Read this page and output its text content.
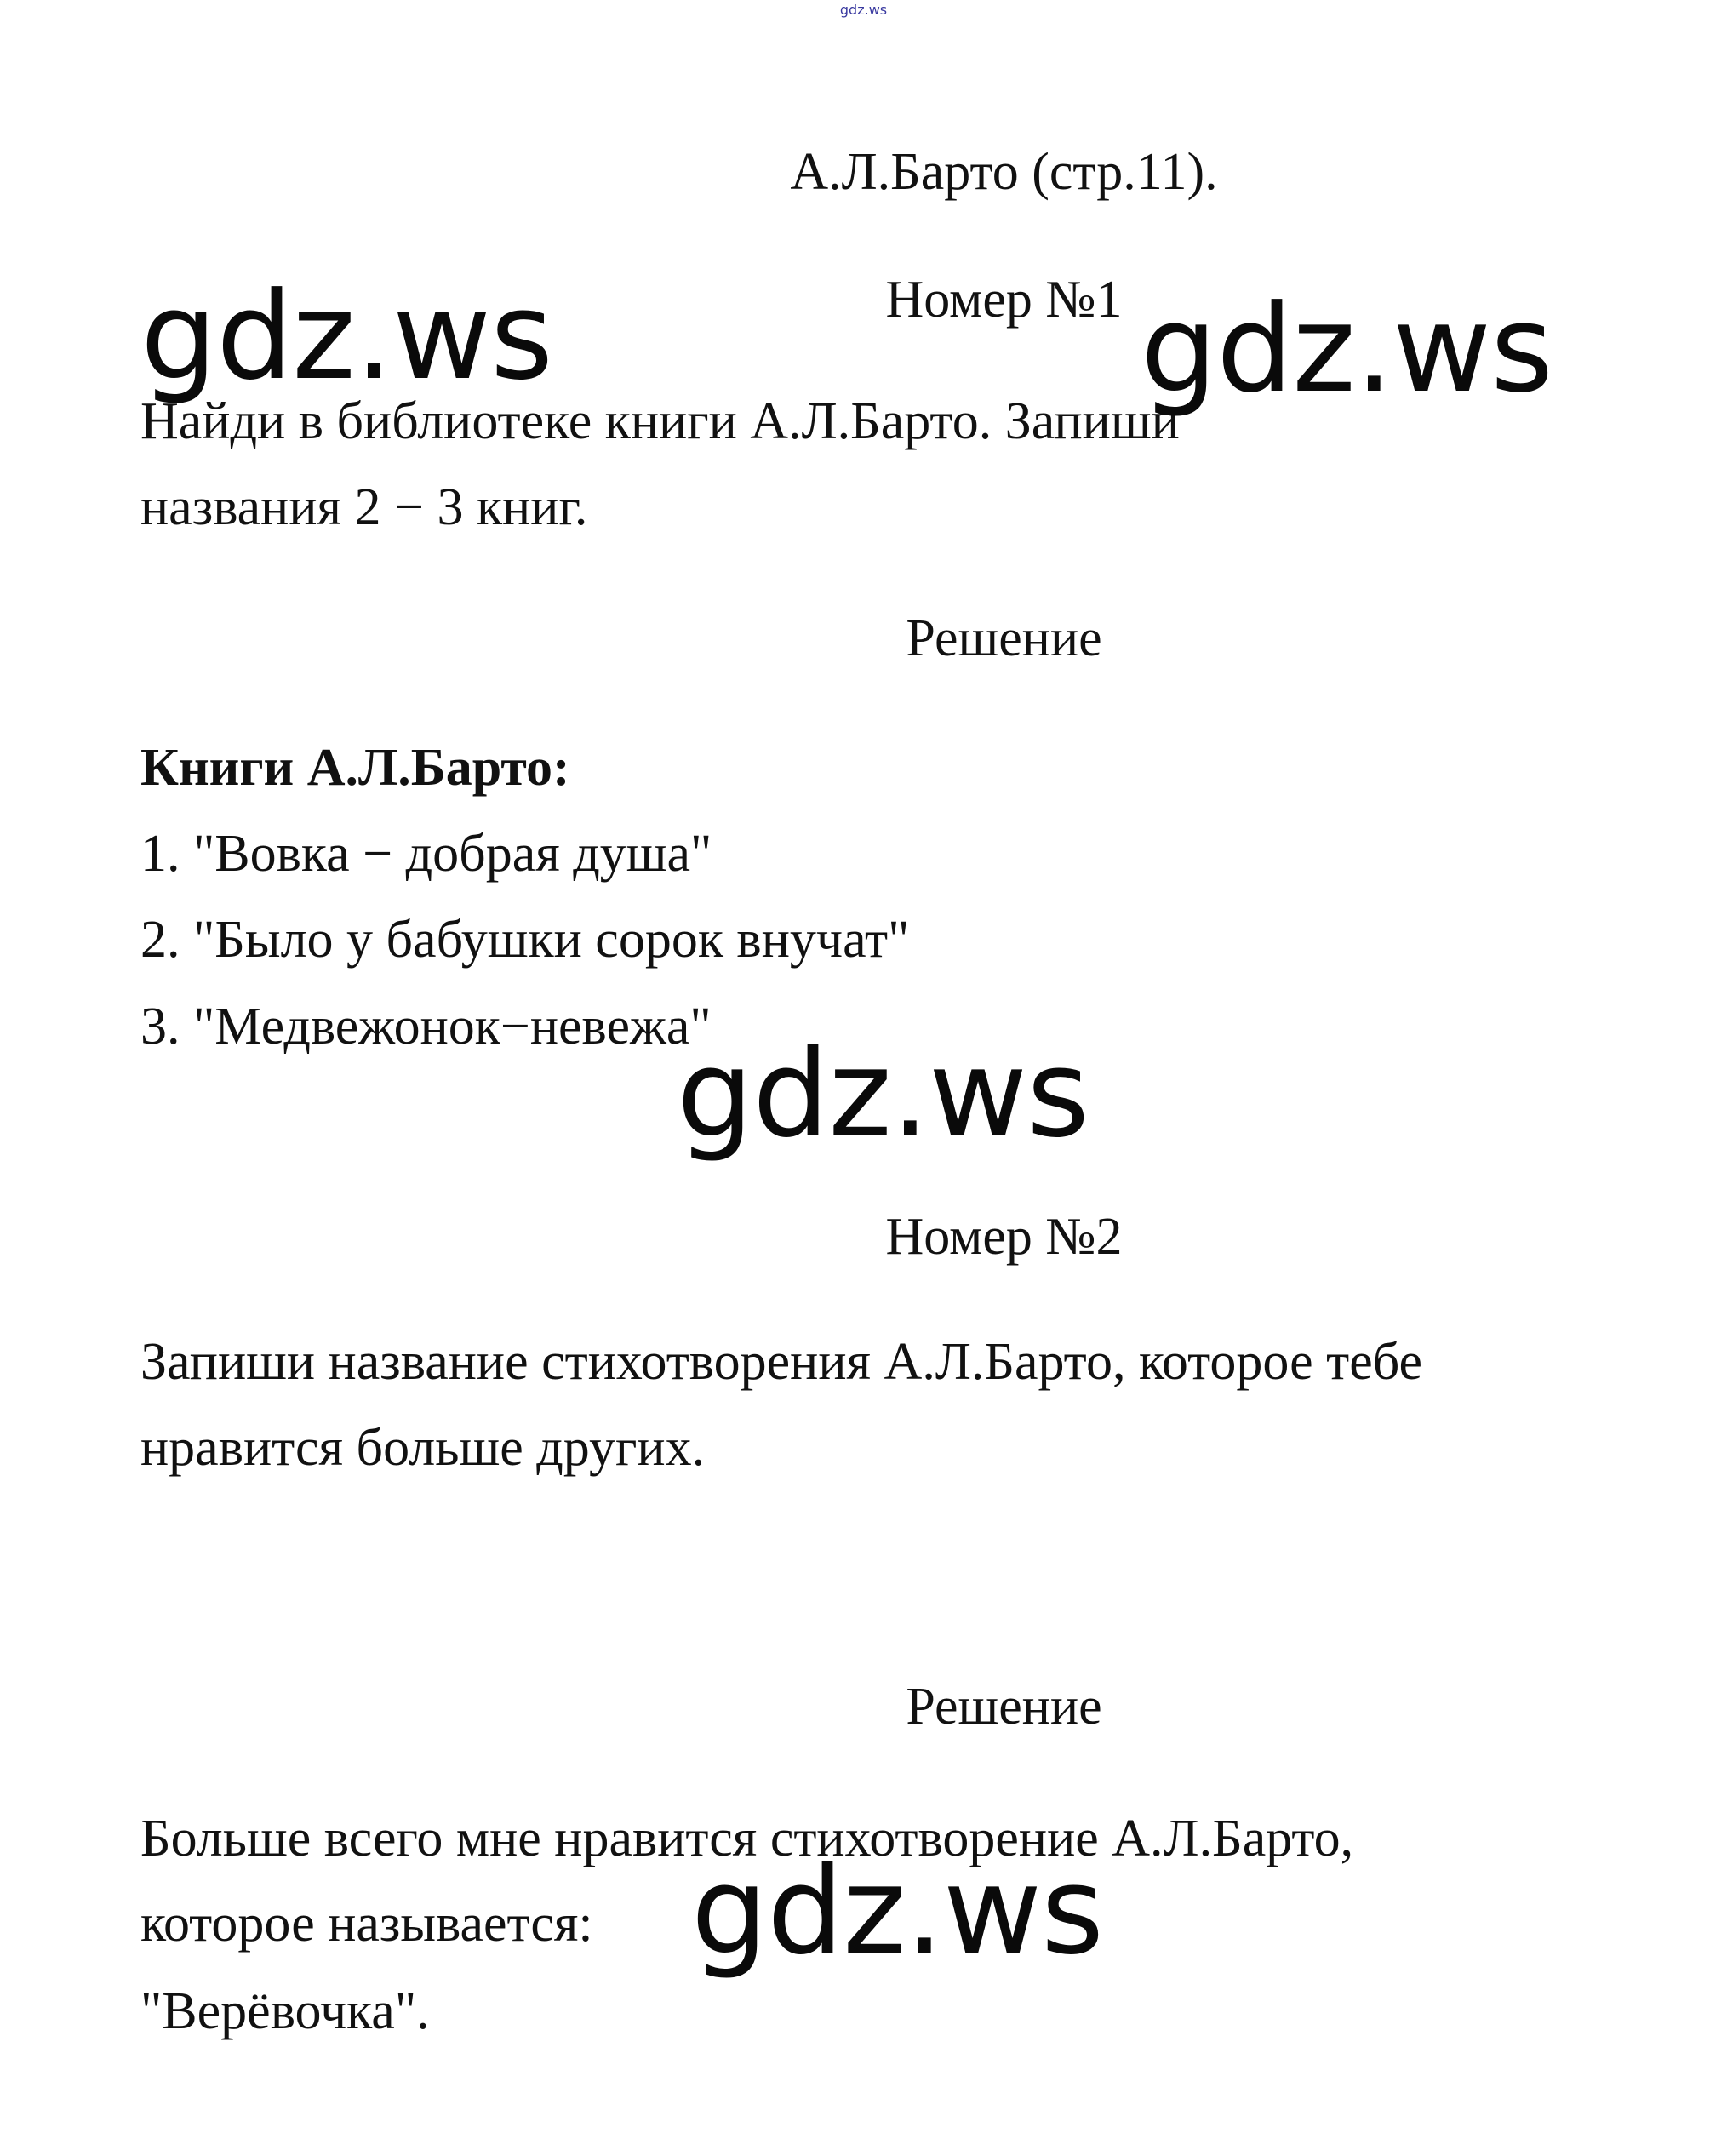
gdz.ws
А.Л.Барто (стр.11).
Номер №1
Найди в библиотеке книги А.Л.Барто. Запиши
названия 2 − 3 книг.
Решение
Книги А.Л.Барто:
1. "Вовка − добрая душа"
2. "Было у бабушки сорок внучат"
3. "Медвежонок−невежа"
Номер №2
Запиши название стихотворения А.Л.Барто, которое тебе
нравится больше других.
Решение
Больше всего мне нравится стихотворение А.Л.Барто,
которое называется:
"Верёвочка".
gdz.ws	gdz.ws
gdz.ws
gdz.ws
